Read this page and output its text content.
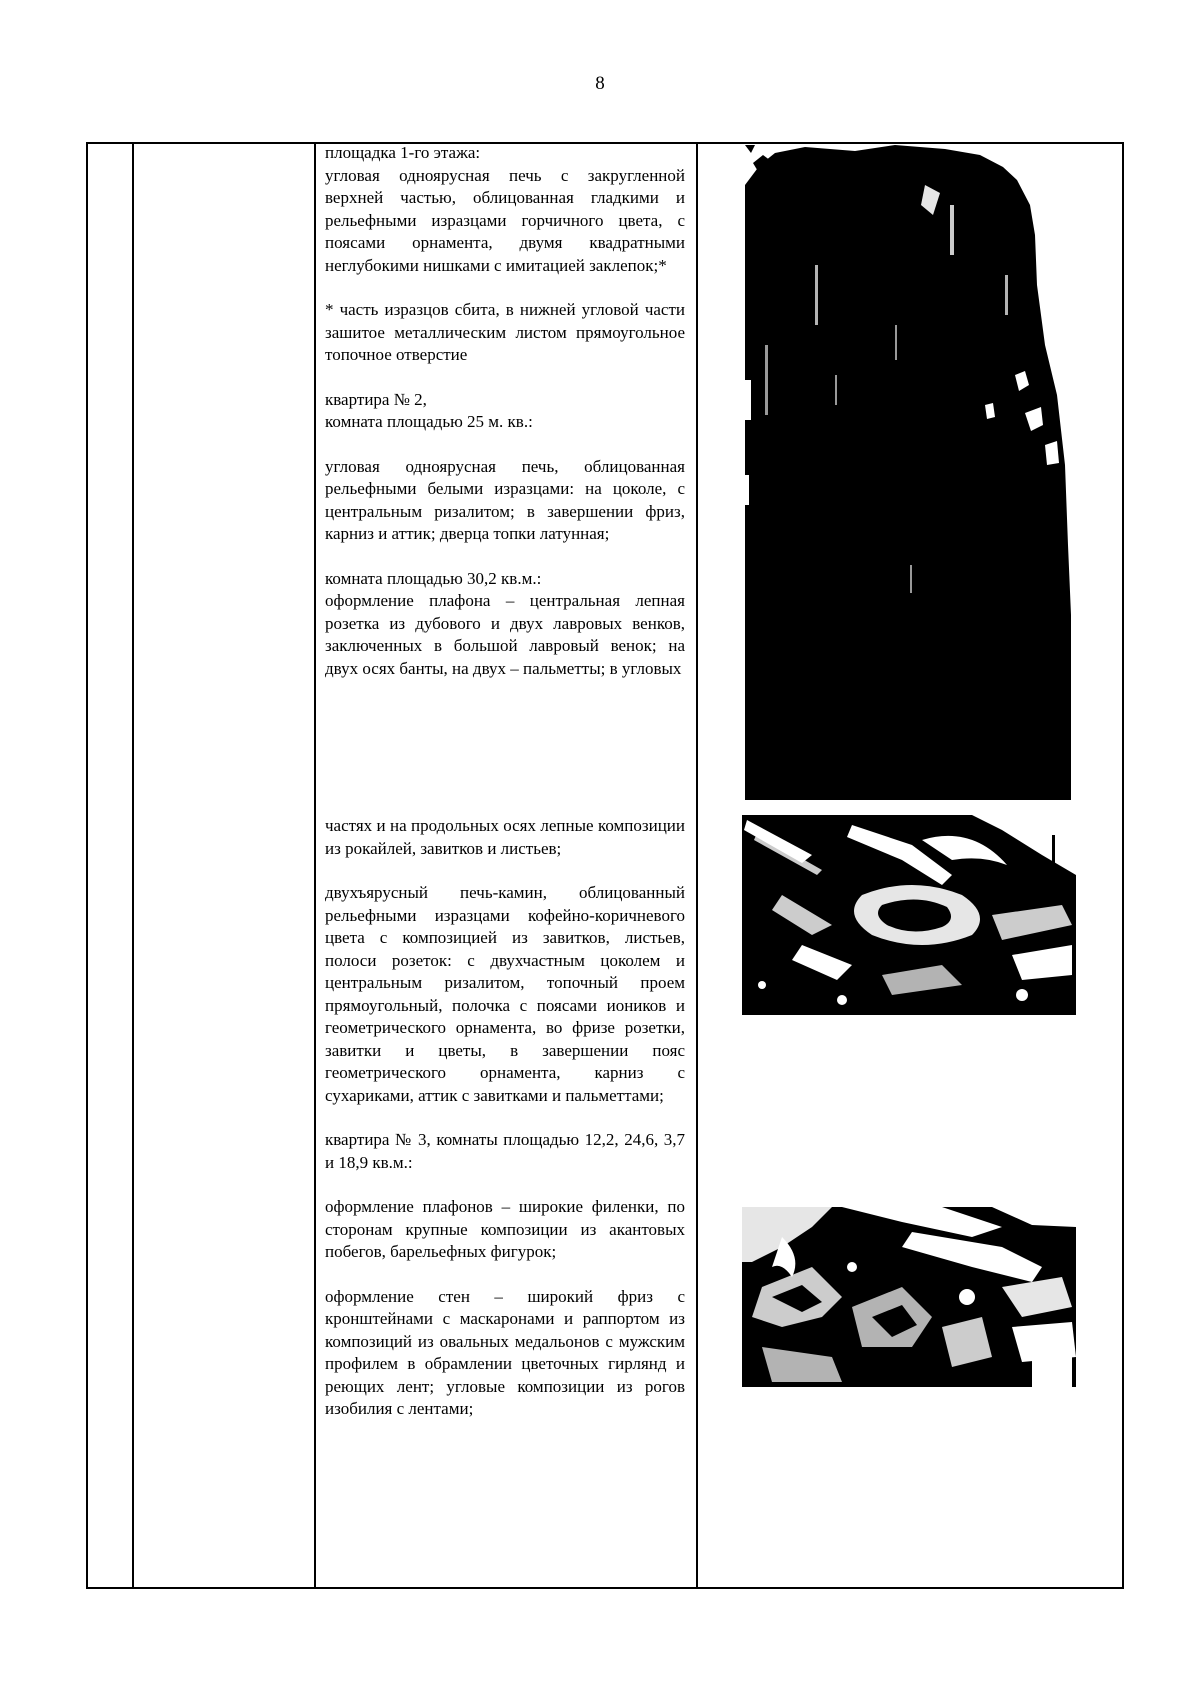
8

площадка 1-го этажа:

угловая одноярусная печь с закругленной верхней частью, облицованная гладкими и рельефными изразцами горчичного цвета, с поясами орнамента, двумя квадратными неглубокими нишками с имитацией заклепок;*

* часть изразцов сбита, в нижней угловой части зашитое металлическим листом прямоугольное топочное отверстие

квартира № 2,

комната площадью 25 м. кв.:

угловая одноярусная печь, облицованная рельефными белыми изразцами: на цоколе, с центральным ризалитом; в завершении фриз, карниз и аттик; дверца топки латунная;

комната площадью 30,2 кв.м.:

оформление плафона – центральная лепная розетка из дубового и двух лавровых венков, заключенных в большой лавровый венок; на двух осях банты, на двух – пальметты; в угловых

частях и на продольных осях лепные композиции из рокайлей, завитков и листьев;

двухъярусный печь-камин, облицованный рельефными изразцами кофейно-коричневого цвета с композицией из завитков, листьев, полоси розеток: с двухчастным цоколем и центральным ризалитом, топочный проем прямоугольный, полочка с поясами иоников и геометрического орнамента, во фризе розетки, завитки и цветы, в завершении пояс геометрического орнамента, карниз с сухариками, аттик с завитками и пальметтами;

квартира № 3, комнаты площадью 12,2, 24,6, 3,7 и 18,9 кв.м.:

оформление плафонов – широкие филенки, по сторонам крупные композиции из акантовых побегов, барельефных фигурок;

оформление стен – широкий фриз с кронштейнами с маскаронами и раппортом из композиций из овальных медальонов с мужским профилем в обрамлении цветочных гирлянд и реющих лент; угловые композиции из рогов изобилия с лентами;
